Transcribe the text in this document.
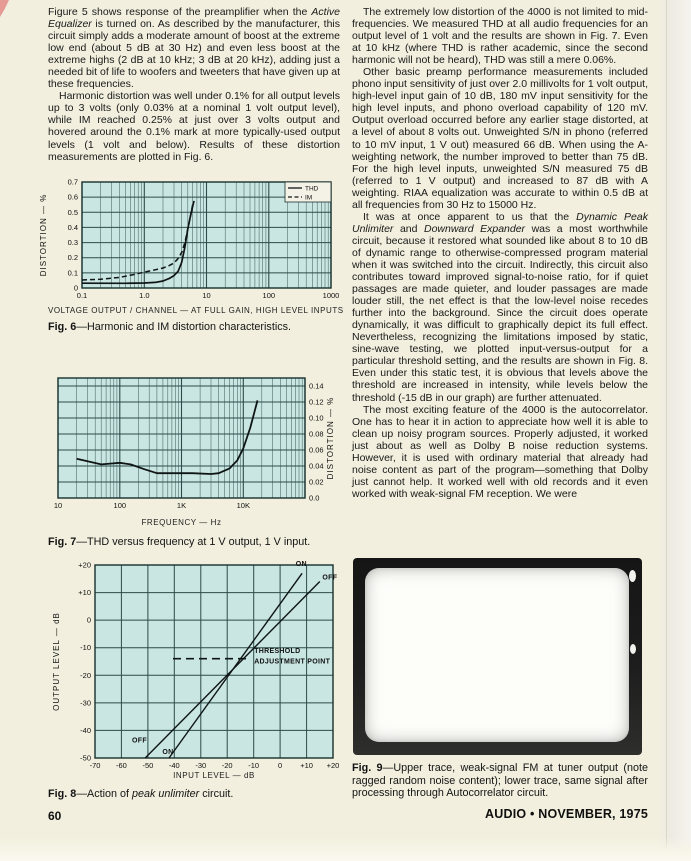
Figure 5 shows response of the preamplifier when the Active Equalizer is turned on. As described by the manufacturer, this circuit simply adds a moderate amount of boost at the extreme low end (about 5 dB at 30 Hz) and even less boost at the extreme highs (2 dB at 10 kHz; 3 dB at 20 kHz), adding just a needed bit of life to woofers and tweeters that have given up at these frequencies.

Harmonic distortion was well under 0.1% for all output levels up to 3 volts (only 0.03% at a nominal 1 volt output level), while IM reached 0.25% at just over 3 volts output and hovered around the 0.1% mark at more typically-used output levels (1 volt and below). Results of these distortion measurements are plotted in Fig. 6.

0.1	1.0	10	100	1000
0
0.1
0.2
0.3
0.4
0.5
0.6
0.7
DISTORTION — %
THD
IM
VOLTAGE OUTPUT / CHANNEL — AT FULL GAIN, HIGH LEVEL INPUTS
Fig. 6—Harmonic and IM distortion characteristics.
10	100	1K	10K
0.0
0.02
0.04
0.06
0.08
0.10
0.12
0.14
DISTORTION — %
FREQUENCY — Hz
Fig. 7—THD versus frequency at 1 V output, 1 V input.
-70 -60 -50 -40 -30 -20 -10	0 +10 +20
+20
+10
0
-10
-20
-30
-40
-50
OUTPUT LEVEL — dB
ON
OFF
OFF
ON
THRESHOLD
ADJUSTMENT POINT
INPUT LEVEL — dB
Fig. 8—Action of peak unlimiter circuit.

The extremely low distortion of the 4000 is not limited to mid-frequencies. We measured THD at all audio frequencies for an output level of 1 volt and the results are shown in Fig. 7. Even at 10 kHz (where THD is rather academic, since the second harmonic will not be heard), THD was still a mere 0.06%.

Other basic preamp performance measurements included phono input sensitivity of just over 2.0 millivolts for 1 volt output, high-level input gain of 10 dB, 180 mV input sensitivity for the high level inputs, and phono overload capability of 120 mV. Output overload occurred before any earlier stage distorted, at a level of about 8 volts out. Unweighted S/N in phono (referred to 10 mV input, 1 V out) measured 66 dB. When using the A-weighting network, the number improved to better than 75 dB. For the high level inputs, unweighted S/N measured 75 dB (referred to 1 V output) and increased to 87 dB with A weighting. RIAA equalization was accurate to within 0.5 dB at all frequencies from 30 Hz to 15000 Hz.

It was at once apparent to us that the Dynamic Peak Unlimiter and Downward Expander was a most worthwhile circuit, because it restored what sounded like about 8 to 10 dB of dynamic range to otherwise-compressed program material when it was switched into the circuit. Indirectly, this circuit also contributes toward improved signal-to-noise ratio, for if quiet passages are made quieter, and louder passages are made louder still, the net effect is that the low-level noise recedes further into the background. Since the circuit does operate dynamically, it was difficult to graphically depict its full effect. Nevertheless, recognizing the limitations imposed by static, sine-wave testing, we plotted input-versus-output for a particular threshold setting, and the results are shown in Fig. 8. Even under this static test, it is obvious that levels above the threshold are increased in intensity, while levels below the threshold (-15 dB in our graph) are further attenuated.

The most exciting feature of the 4000 is the autocorrelator. One has to hear it in action to appreciate how well it is able to clean up noisy program sources. Properly adjusted, it worked just about as well as Dolby B noise reduction systems. However, it is used with ordinary material that already had noise content as part of the program—something that Dolby just cannot help. It worked well with old records and it even worked with weak-signal FM reception. We were

Fig. 9—Upper trace, weak-signal FM at tuner output (note ragged random noise content); lower trace, same signal after processing through Autocorrelator circuit.
60	AUDIO • NOVEMBER, 1975
